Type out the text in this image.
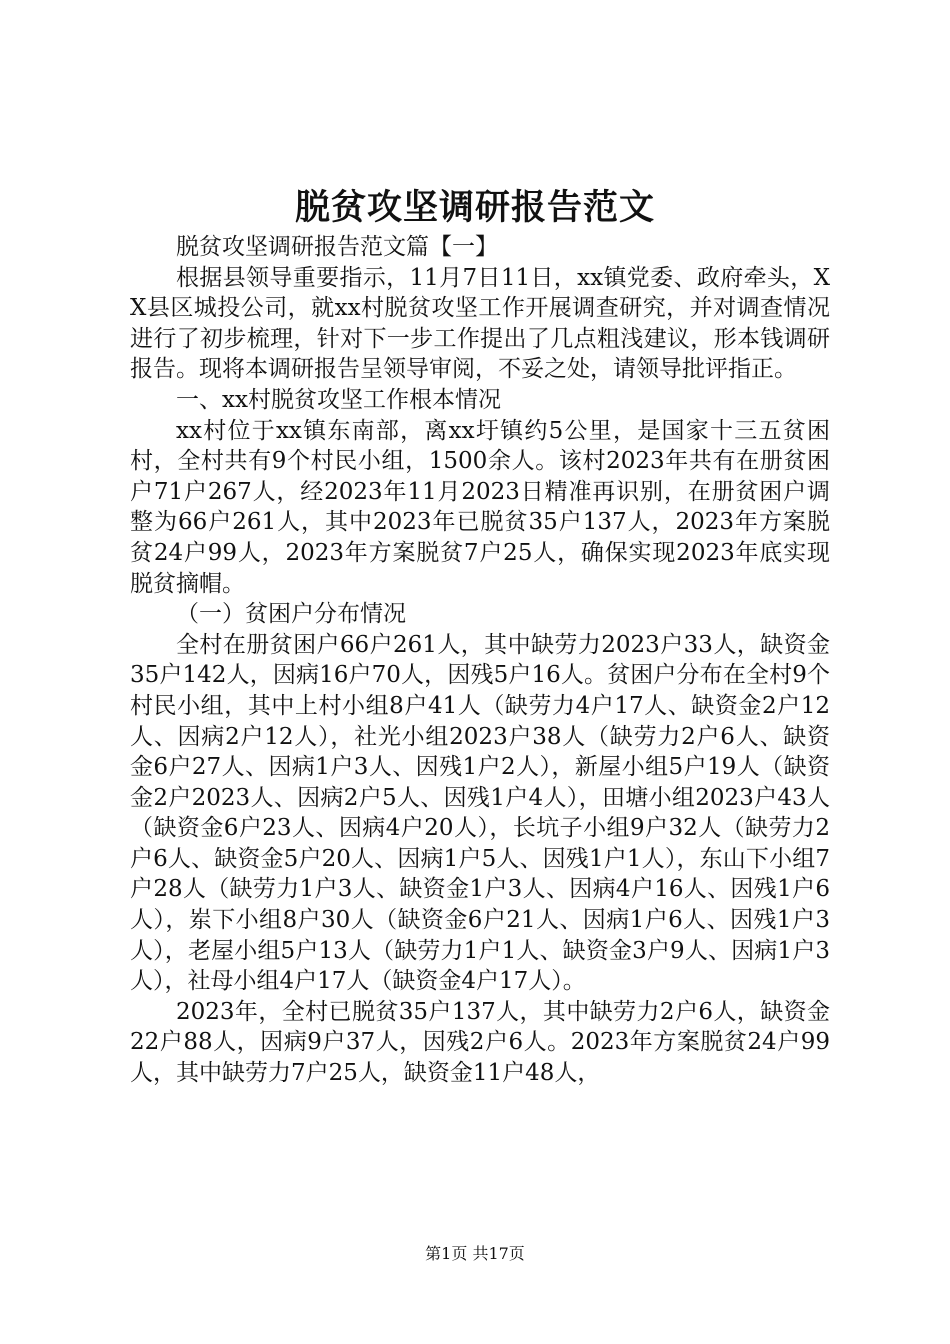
脱贫攻坚调研报告范文

脱贫攻坚调研报告范文篇【一】

根据县领导重要指示，11月7日11日，xx镇党委、政府牵头，XX县区城投公司，就xx村脱贫攻坚工作开展调查研究，并对调查情况进行了初步梳理，针对下一步工作提出了几点粗浅建议，形本钱调研报告。现将本调研报告呈领导审阅，不妥之处，请领导批评指正。

一、xx村脱贫攻坚工作根本情况

xx村位于xx镇东南部，离xx圩镇约5公里，是国家十三五贫困村，全村共有9个村民小组，1500余人。该村2023年共有在册贫困户71户267人，经2023年11月2023日精准再识别，在册贫困户调整为66户261人，其中2023年已脱贫35户137人，2023年方案脱贫24户99人，2023年方案脱贫7户25人，确保实现2023年底实现脱贫摘帽。

（一）贫困户分布情况

全村在册贫困户66户261人，其中缺劳力2023户33人，缺资金35户142人，因病16户70人，因残5户16人。贫困户分布在全村9个村民小组，其中上村小组8户41人（缺劳力4户17人、缺资金2户12人、因病2户12人），社光小组2023户38人（缺劳力2户6人、缺资金6户27人、因病1户3人、因残1户2人），新屋小组5户19人（缺资金2户2023人、因病2户5人、因残1户4人），田塘小组2023户43人（缺资金6户23人、因病4户20人），长坑子小组9户32人（缺劳力2户6人、缺资金5户20人、因病1户5人、因残1户1人），东山下小组7户28人（缺劳力1户3人、缺资金1户3人、因病4户16人、因残1户6人），岽下小组8户30人（缺资金6户21人、因病1户6人、因残1户3人），老屋小组5户13人（缺劳力1户1人、缺资金3户9人、因病1户3人），社母小组4户17人（缺资金4户17人）。

2023年，全村已脱贫35户137人，其中缺劳力2户6人，缺资金22户88人，因病9户37人，因残2户6人。2023年方案脱贫24户99人，其中缺劳力7户25人，缺资金11户48人，

第1页 共17页
